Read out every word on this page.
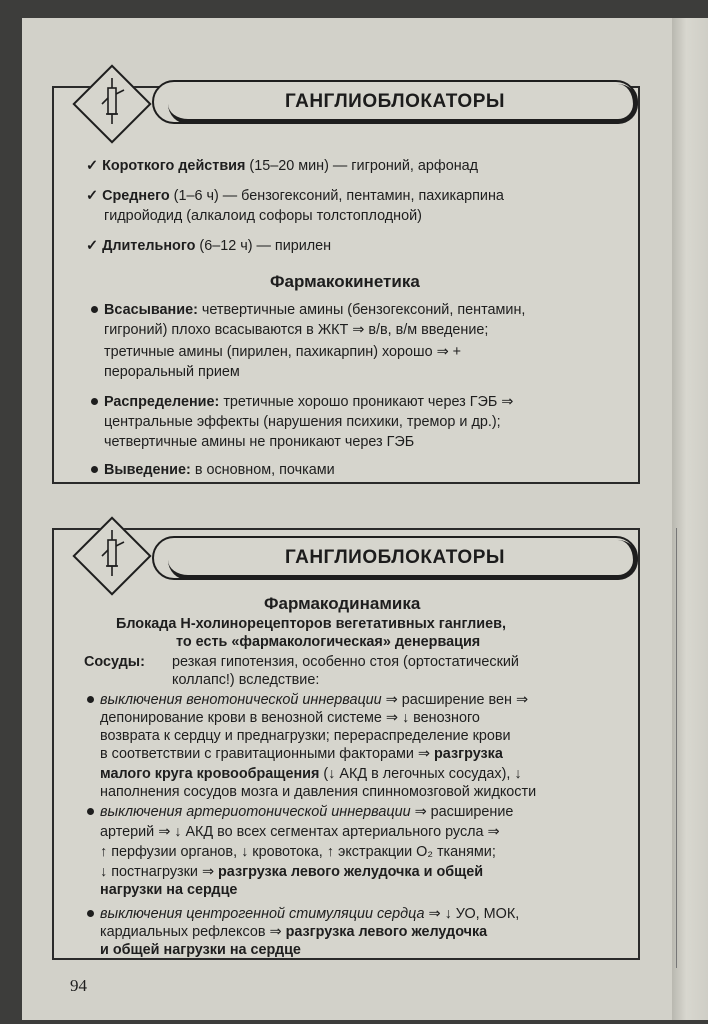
ГАНГЛИОБЛОКАТОРЫ
✓ Короткого действия (15–20 мин) — гигроний, арфонад
✓ Среднего (1–6 ч) — бензогексоний, пентамин, пахикарпина
гидройодид (алкалоид софоры толстоплодной)
✓ Длительного (6–12 ч) — пирилен
Фармакокинетика
Всасывание: четвертичные амины (бензогексоний, пентамин,
гигроний) плохо всасываются в ЖКТ ⇒ в/в, в/м введение;
третичные амины (пирилен, пахикарпин) хорошо ⇒ +
пероральный прием
Распределение: третичные хорошо проникают через ГЭБ ⇒
центральные эффекты (нарушения психики, тремор и др.);
четвертичные амины не проникают через ГЭБ
Выведение: в основном, почками
ГАНГЛИОБЛОКАТОРЫ
Фармакодинамика
Блокада Н-холинорецепторов вегетативных ганглиев,
то есть «фармакологическая» денервация
Сосуды: резкая гипотензия, особенно стоя (ортостатический
коллапс!) вследствие:
выключения венотонической иннервации ⇒ расширение вен ⇒
депонирование крови в венозной системе ⇒ ↓ венозного
возврата к сердцу и преднагрузки; перераспределение крови
в соответствии с гравитационными факторами ⇒ разгрузка
малого круга кровообращения (↓ АКД в легочных сосудах), ↓
наполнения сосудов мозга и давления спинномозговой жидкости
выключения артериотонической иннервации ⇒ расширение
артерий ⇒ ↓ АКД во всех сегментах артериального русла ⇒
↑ перфузии органов, ↓ кровотока, ↑ экстракции O₂ тканями;
↓ постнагрузки ⇒ разгрузка левого желудочка и общей
нагрузки на сердце
выключения центрогенной стимуляции сердца ⇒ ↓ УО, МОК,
кардиальных рефлексов ⇒ разгрузка левого желудочка
и общей нагрузки на сердце
94
